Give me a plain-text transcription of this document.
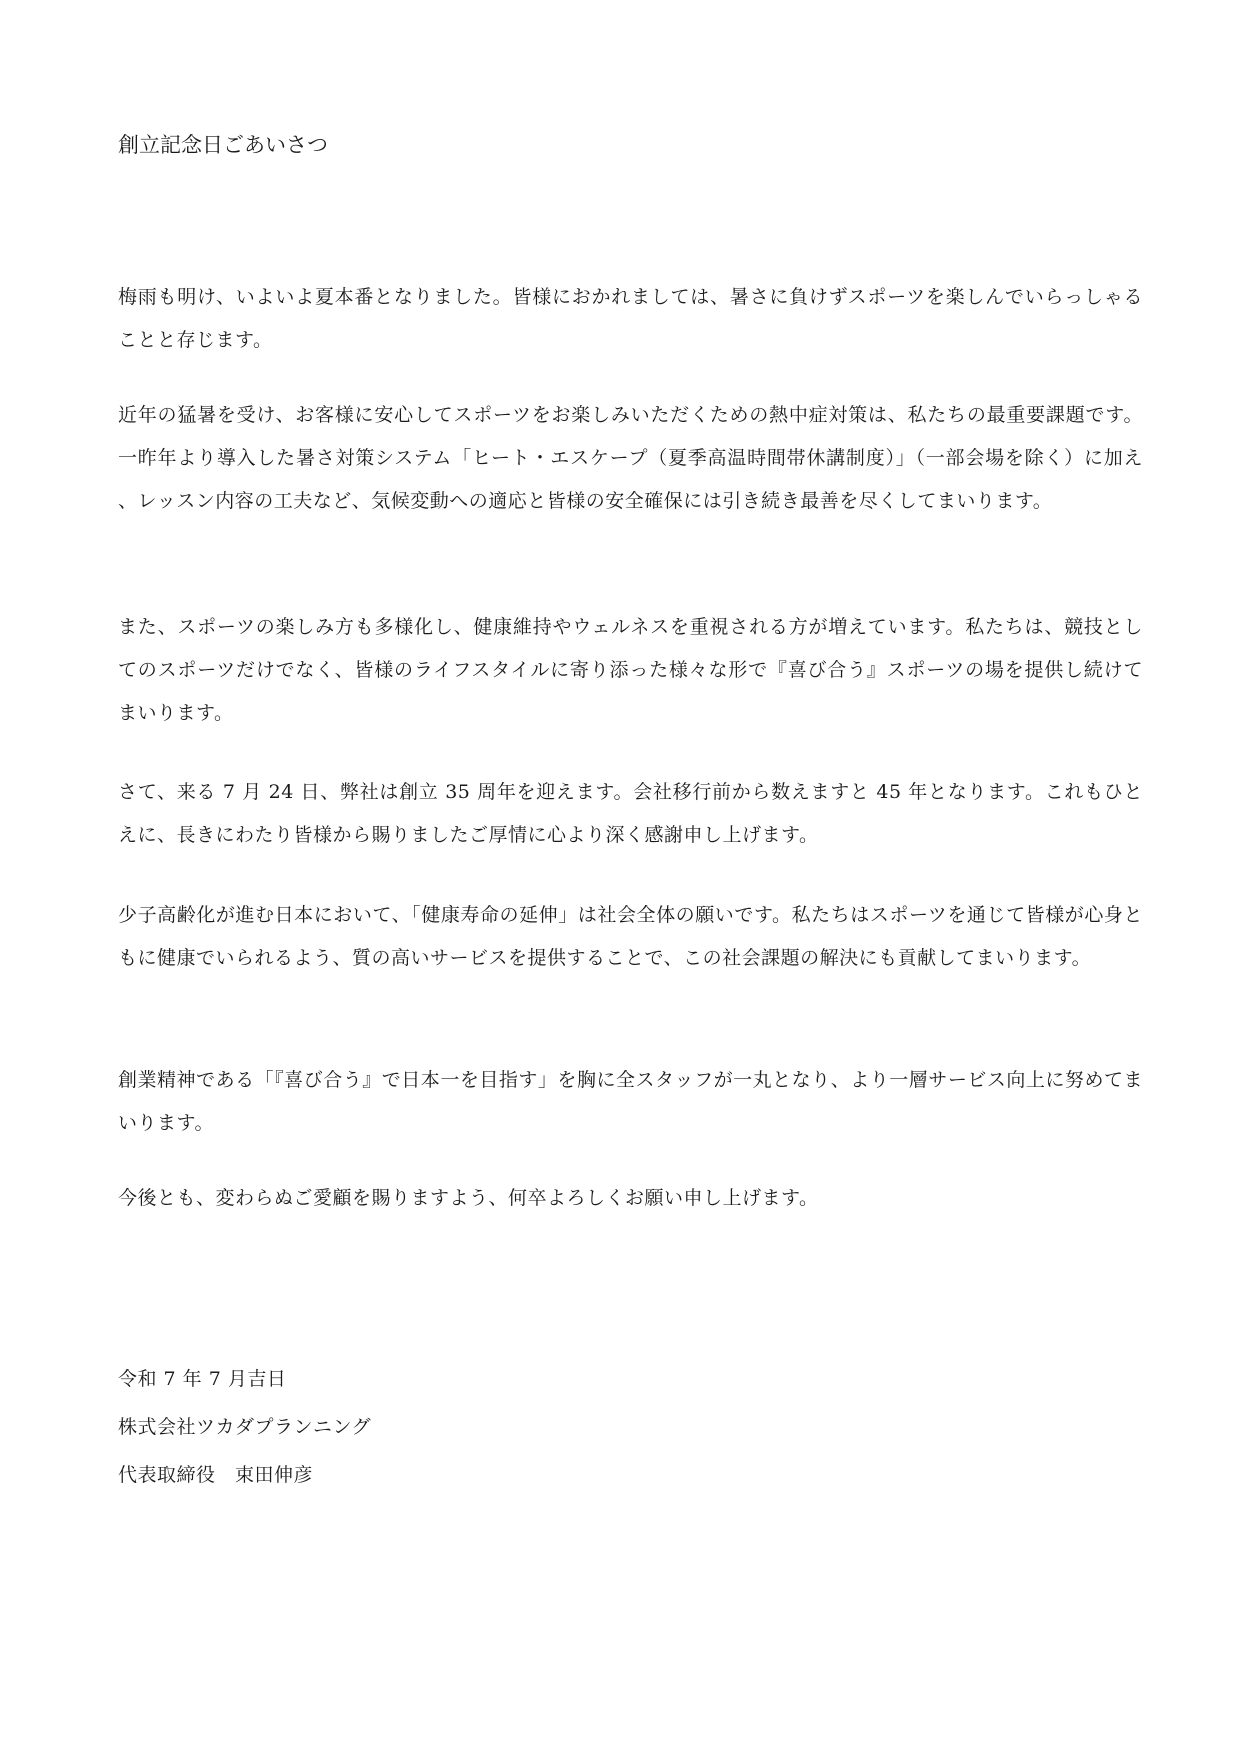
創立記念日ごあいさつ
梅雨も明け、いよいよ夏本番となりました。皆様におかれましては、暑さに負けずスポーツを楽しんでいらっしゃることと存じます。
近年の猛暑を受け、お客様に安心してスポーツをお楽しみいただくための熱中症対策は、私たちの最重要課題です。一昨年より導入した暑さ対策システム「ヒート・エスケープ（夏季高温時間帯休講制度）」（一部会場を除く）に加え、レッスン内容の工夫など、気候変動への適応と皆様の安全確保には引き続き最善を尽くしてまいります。
また、スポーツの楽しみ方も多様化し、健康維持やウェルネスを重視される方が増えています。私たちは、競技としてのスポーツだけでなく、皆様のライフスタイルに寄り添った様々な形で『喜び合う』スポーツの場を提供し続けてまいります。
さて、来る 7 月 24 日、弊社は創立 35 周年を迎えます。会社移行前から数えますと 45 年となります。これもひとえに、長きにわたり皆様から賜りましたご厚情に心より深く感謝申し上げます。
少子高齢化が進む日本において、「健康寿命の延伸」は社会全体の願いです。私たちはスポーツを通じて皆様が心身ともに健康でいられるよう、質の高いサービスを提供することで、この社会課題の解決にも貢献してまいります。
創業精神である「『喜び合う』で日本一を目指す」を胸に全スタッフが一丸となり、より一層サービス向上に努めてまいります。
今後とも、変わらぬご愛顧を賜りますよう、何卒よろしくお願い申し上げます。
令和 7 年 7 月吉日
株式会社ツカダプランニング
代表取締役　束田伸彦
